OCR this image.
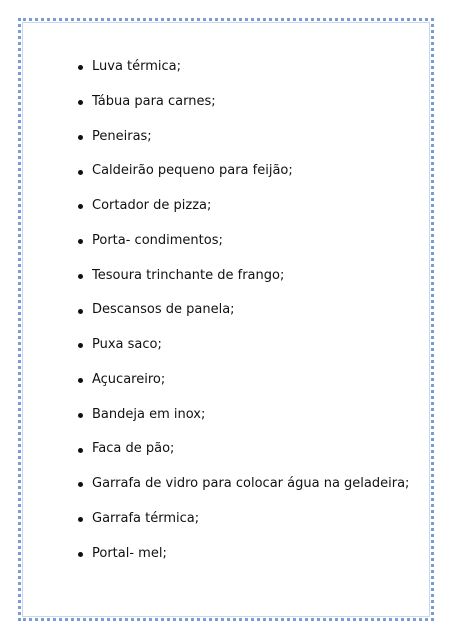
Luva térmica;
Tábua para carnes;
Peneiras;
Caldeirão pequeno para feijão;
Cortador de pizza;
Porta- condimentos;
Tesoura trinchante de frango;
Descansos de panela;
Puxa saco;
Açucareiro;
Bandeja em inox;
Faca de pão;
Garrafa de vidro para colocar água na geladeira;
Garrafa térmica;
Portal- mel;
